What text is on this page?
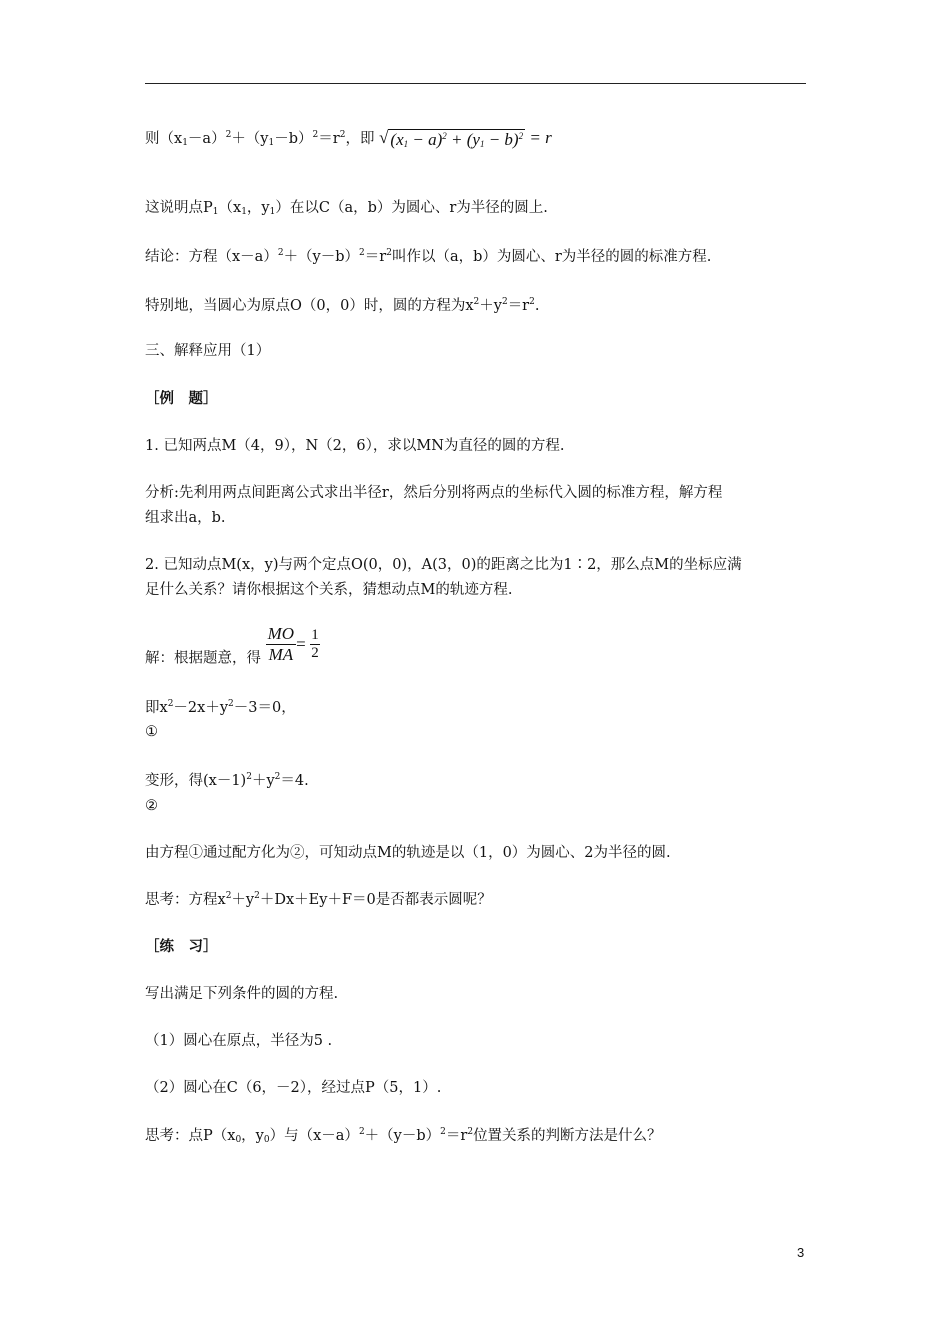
则$(x_1-a)^2+(y_1-b)^2=r^2$，即 √ $(x_1 - a)^2 + (y_1 - b)^2 = r$
这说明点$P_1(x_1$，$y_1$）在以C（a，b）为圆心、r为半径的圆上.
结论：方程$(x-a)^2+(y-b)^2=r^2$叫作以（a，b）为圆心、r为半径的圆的标准方程.
特别地，当圆心为原点O（0，0）时，圆的方程为$x^2+y^2=r^2$.
三、解释应用（1）
［例　题］
1. 已知两点M（4，9），N（2，6），求以MN为直径的圆的方程.
分析:先利用两点间距离公式求出半径r，然后分别将两点的坐标代入圆的标准方程，解方程
组求出a，b.
2. 已知动点M(x，y)与两个定点O(0，0)，A(3，0)的距离之比为1∶2，那么点M的坐标应满
足什么关系？请你根据这个关系，猜想动点M的轨迹方程.
解：根据题意，得 $\frac{MO}{MA} = \frac{1}{2}$
即$x^2-2x+y^2-3=0$，
①
变形，得$(x-1)^2+y^2=4$.
②
由方程①通过配方化为②，可知动点M的轨迹是以（1，0）为圆心、2为半径的圆.
思考：方程$x^2+y^2+Dx+Ey+F=0$是否都表示圆呢？
［练　习］
写出满足下列条件的圆的方程.
（1）圆心在原点，半径为5 .
（2）圆心在C（6，－2），经过点P（5，1）.
思考：点$P(x_0$，$y_0$）与$(x-a)^2+(y-b)^2=r^2$位置关系的判断方法是什么？
3
